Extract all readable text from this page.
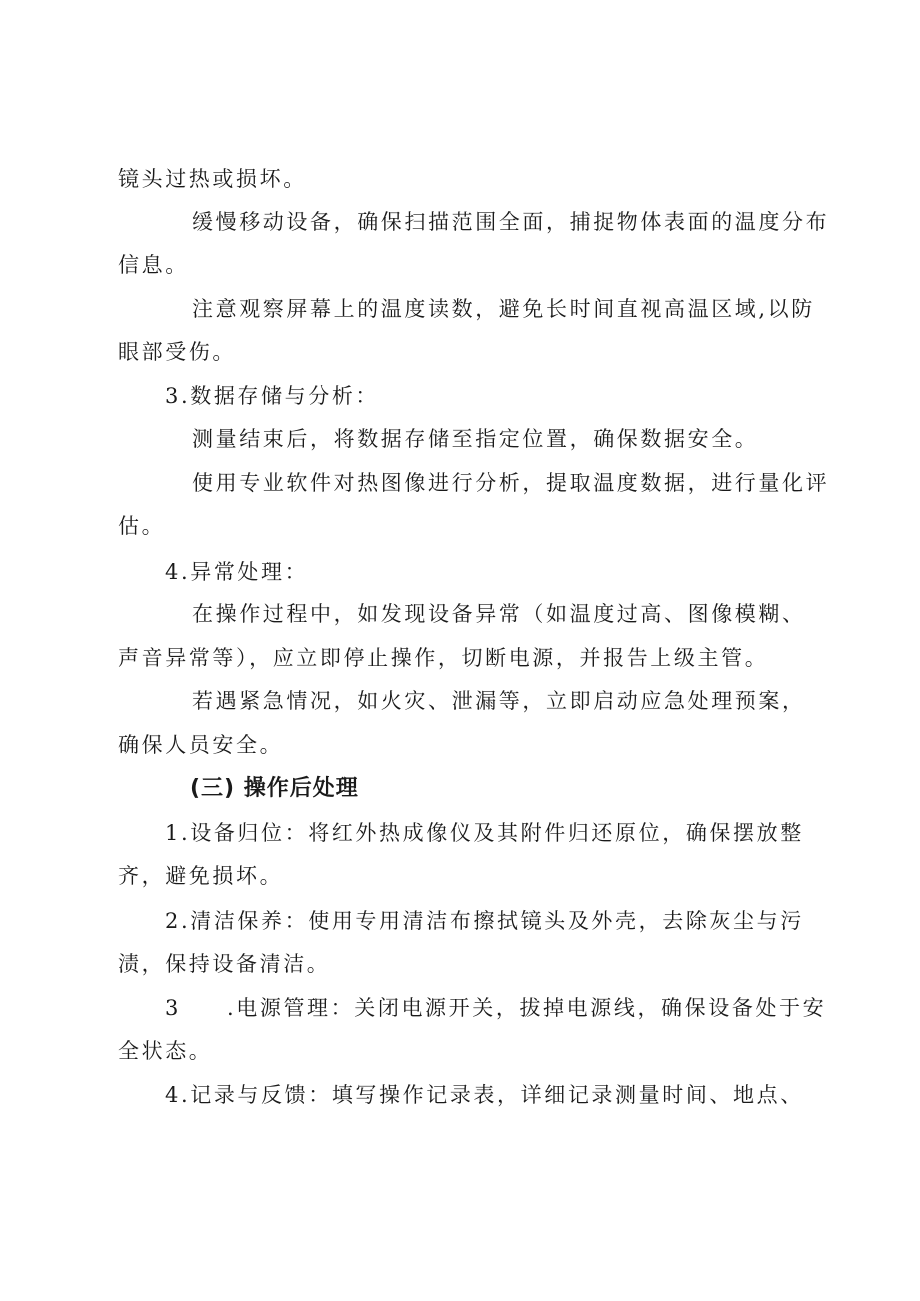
镜头过热或损坏。
缓慢移动设备，确保扫描范围全面，捕捉物体表面的温度分布
信息。
注意观察屏幕上的温度读数，避免长时间直视高温区域,以防
眼部受伤。
3.数据存储与分析：
测量结束后，将数据存储至指定位置，确保数据安全。
使用专业软件对热图像进行分析，提取温度数据，进行量化评
估。
4.异常处理：
在操作过程中，如发现设备异常（如温度过高、图像模糊、
声音异常等），应立即停止操作，切断电源，并报告上级主管。
若遇紧急情况，如火灾、泄漏等，立即启动应急处理预案，
确保人员安全。
(三) 操作后处理
1.设备归位：将红外热成像仪及其附件归还原位，确保摆放整
齐，避免损坏。
2.清洁保养：使用专用清洁布擦拭镜头及外壳，去除灰尘与污
渍，保持设备清洁。
3 .电源管理：关闭电源开关，拔掉电源线，确保设备处于安
全状态。
4.记录与反馈：填写操作记录表，详细记录测量时间、地点、
